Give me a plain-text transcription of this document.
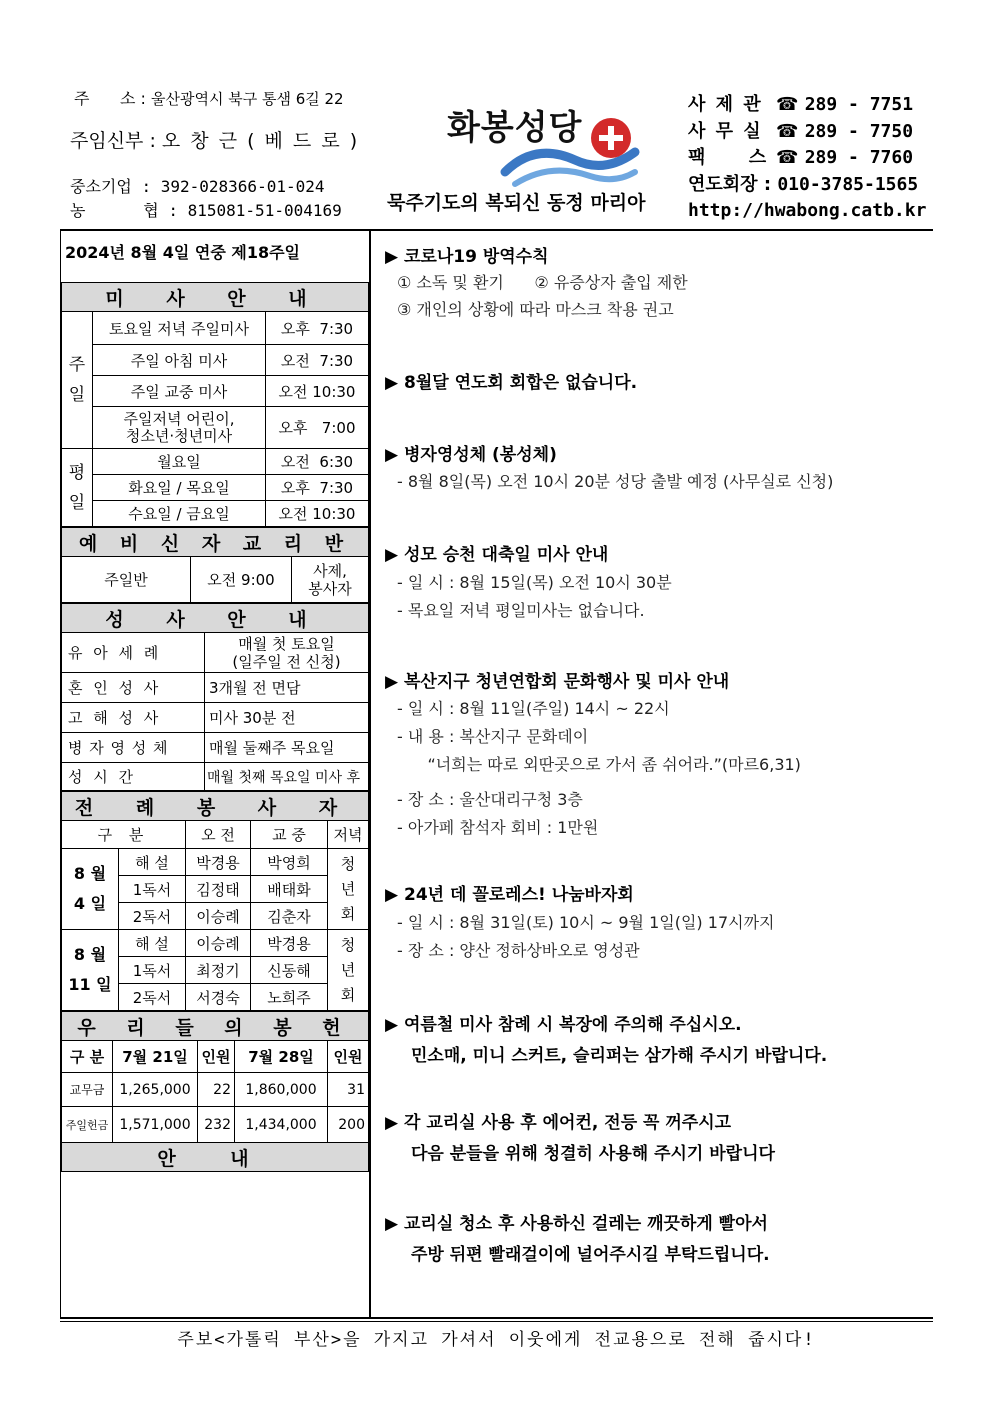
주      소 : 울산광역시 북구 통샘 6길 22
주임신부 : 오 창 근 ( 베 드 로 )
중소기업 : 392-028366-01-024
농      협 : 815081-51-004169
화봉성당
묵주기도의 복되신 동정 마리아
사 제 관 ☎ 289 - 7751
사 무 실 ☎ 289 - 7750
팩     스 ☎ 289 - 7760
연도회장 : 010-3785-1565
http://hwabong.catb.kr
2024년 8월 4일 연중 제18주일
미 사 안 내		
주
일	토요일 저녁 주일미사	오후  7:30
	주일 아침 미사	오전  7:30
	주일 교중 미사	오전 10:30
	주일저녁 어린이,
청소년·청년미사	오후   7:00
평
일	월요일	오전  6:30
	화요일 / 목요일	오후  7:30
	수요일 / 금요일	오전 10:30
예 비 신 자 교 리 반
주일반	오전 9:00	사제,
봉사자
성 사 안 내	
유 아 세 례	매월 첫 토요일
(일주일 전 신청)
혼 인 성 사	3개월 전 면담
고 해 성 사	미사 30분 전
병 자 영 성 체	매월 둘째주 목요일
성 시 간	매월 첫째 목요일 미사 후
전 례 봉 사 자				
구 분		오 전	교 중	저녁
8 월
4 일	해 설	박경용	박영희	청
년
회
	1독서	김정태	배태화	
	2독서	이승례	김춘자	
8 월
11 일	해 설	이승례	박경용	청
년
회
	1독서	최정기	신동해	
	2독서	서경숙	노희주	
우 리 들 의 봉 헌				
구 분	7월 21일	인원	7월 28일	인원
교무금	1,265,000	22	1,860,000	31
주일헌금	1,571,000	232	1,434,000	200
안 내				
▶ 코로나19 방역수칙
① 소독 및 환기      ② 유증상자 출입 제한
③ 개인의 상황에 따라 마스크 착용 권고
▶ 8월달 연도회 회합은 없습니다.
▶ 병자영성체 (봉성체)
- 8월 8일(목) 오전 10시 20분 성당 출발 예정 (사무실로 신청)
▶ 성모 승천 대축일 미사 안내
- 일 시 : 8월 15일(목) 오전 10시 30분
- 목요일 저녁 평일미사는 없습니다.
▶ 복산지구 청년연합회 문화행사 및 미사 안내
- 일 시 : 8월 11일(주일) 14시 ~ 22시
- 내 용 : 복산지구 문화데이
“너희는 따로 외딴곳으로 가서 좀 쉬어라.”(마르6,31)
- 장 소 : 울산대리구청 3층
- 아가페 참석자 회비 : 1만원
▶ 24년 데 꼴로레스! 나눔바자회
- 일 시 : 8월 31일(토) 10시 ~ 9월 1일(일) 17시까지
- 장 소 : 양산 정하상바오로 영성관
▶ 여름철 미사 참례 시 복장에 주의해 주십시오.
민소매, 미니 스커트, 슬리퍼는 삼가해 주시기 바랍니다.
▶ 각 교리실 사용 후 에어컨, 전등 꼭 꺼주시고
다음 분들을 위해 청결히 사용해 주시기 바랍니다
▶ 교리실 청소 후 사용하신 걸레는 깨끗하게 빨아서
주방 뒤편 빨래걸이에 널어주시길 부탁드립니다.
주보<가톨릭 부산>을 가지고 가셔서 이웃에게 전교용으로 전해 줍시다!
